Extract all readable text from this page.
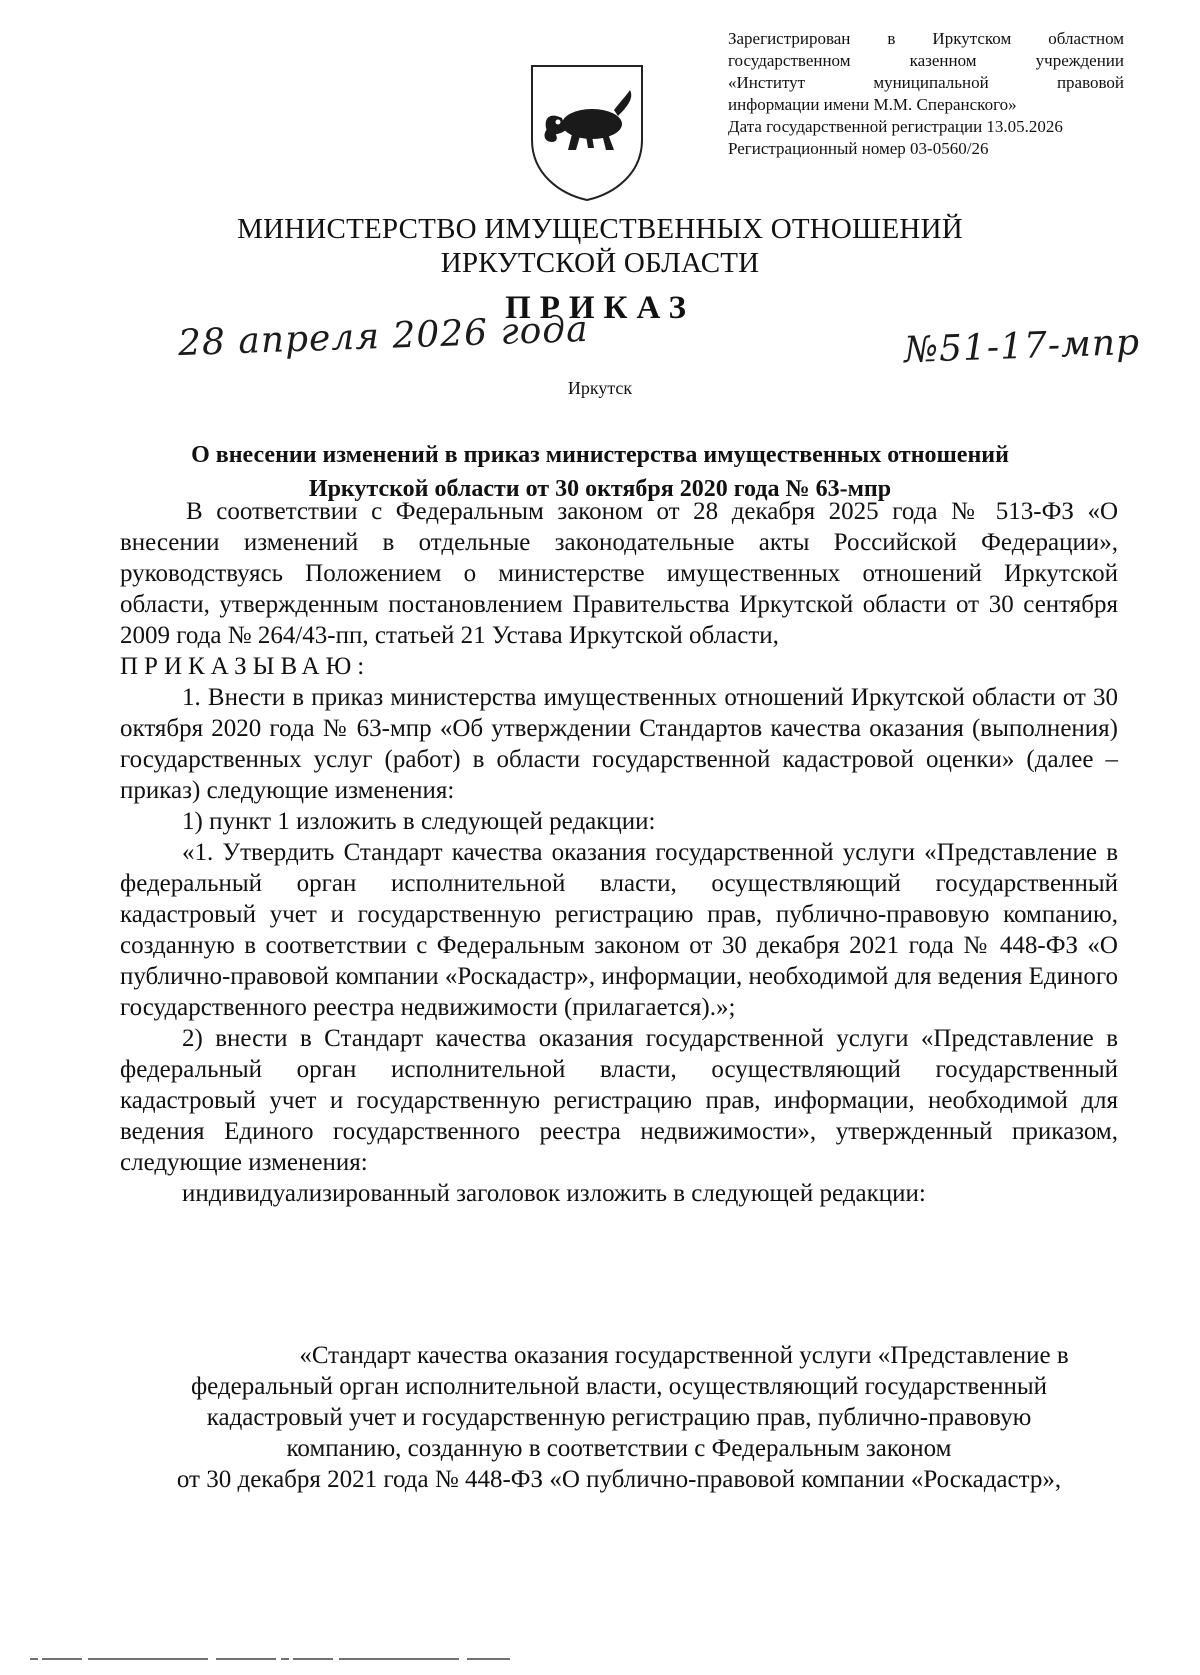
Зарегистрирован в Иркутском областном
государственном казенном учреждении
«Институт муниципальной правовой
информации имени М.М. Сперанского»
Дата государственной регистрации 13.05.2026
Регистрационный номер 03-0560/26
МИНИСТЕРСТВО ИМУЩЕСТВЕННЫХ ОТНОШЕНИЙ
ИРКУТСКОЙ ОБЛАСТИ
ПРИКАЗ
28 апреля 2026 года	№51-17-мпр
Иркутск
О внесении изменений в приказ министерства имущественных отношений
Иркутской области от 30 октября 2020 года № 63-мпр

В соответствии с Федеральным законом от 28 декабря 2025 года № 513-ФЗ «О внесении изменений в отдельные законодательные акты Российской Федерации», руководствуясь Положением о министерстве имущественных отношений Иркутской области, утвержденным постановлением Правительства Иркутской области от 30 сентября 2009 года № 264/43-пп, статьей 21 Устава Иркутской области,

ПРИКАЗЫВАЮ:

1. Внести в приказ министерства имущественных отношений Иркутской области от 30 октября 2020 года № 63-мпр «Об утверждении Стандартов качества оказания (выполнения) государственных услуг (работ) в области государственной кадастровой оценки» (далее – приказ) следующие изменения:

1) пункт 1 изложить в следующей редакции:

«1. Утвердить Стандарт качества оказания государственной услуги «Представление в федеральный орган исполнительной власти, осуществляющий государственный кадастровый учет и государственную регистрацию прав, публично-правовую компанию, созданную в соответствии с Федеральным законом от 30 декабря 2021 года № 448-ФЗ «О публично-правовой компании «Роскадастр», информации, необходимой для ведения Единого государственного реестра недвижимости (прилагается).»;

2) внести в Стандарт качества оказания государственной услуги «Представление в федеральный орган исполнительной власти, осуществляющий государственный кадастровый учет и государственную регистрацию прав, информации, необходимой для ведения Единого государственного реестра недвижимости», утвержденный приказом, следующие изменения:

индивидуализированный заголовок изложить в следующей редакции:

«Стандарт качества оказания государственной услуги «Представление в
федеральный орган исполнительной власти, осуществляющий государственный
кадастровый учет и государственную регистрацию прав, публично-правовую
компанию, созданную в соответствии с Федеральным законом
от 30 декабря 2021 года № 448-ФЗ «О публично-правовой компании «Роскадастр»,
